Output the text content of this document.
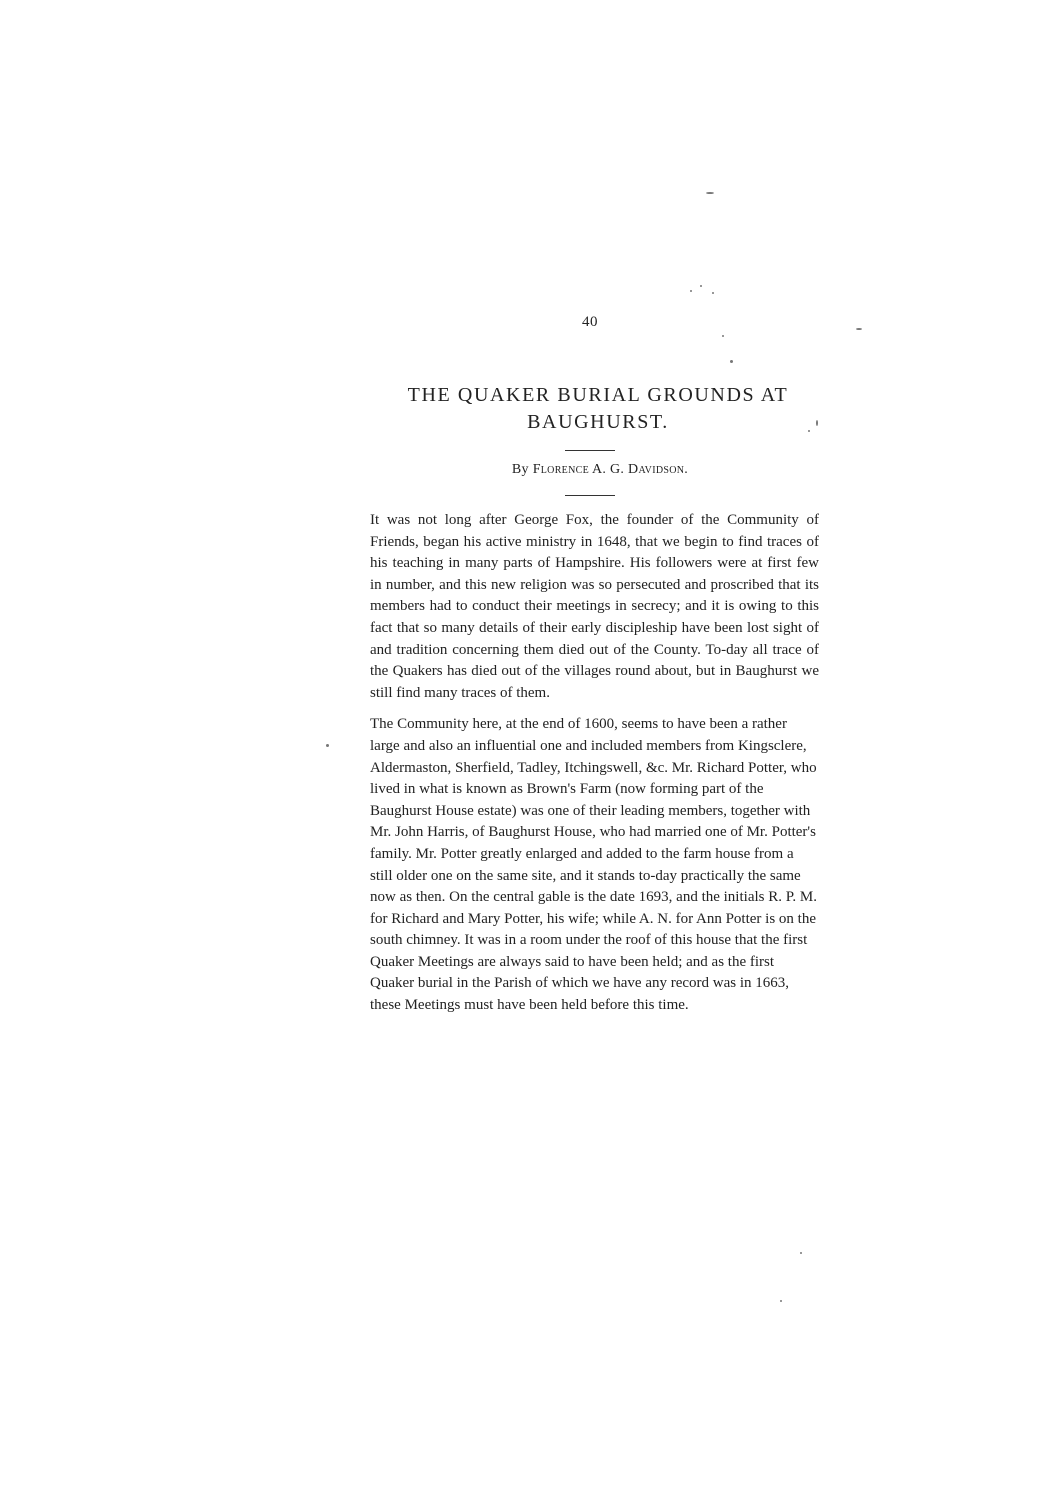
40
THE QUAKER BURIAL GROUNDS AT BAUGHURST.
By Florence A. G. Davidson.

It was not long after George Fox, the founder of the Community of Friends, began his active ministry in 1648, that we begin to find traces of his teaching in many parts of Hampshire. His followers were at first few in number, and this new religion was so persecuted and proscribed that its members had to conduct their meetings in secrecy; and it is owing to this fact that so many details of their early discipleship have been lost sight of and tradition concerning them died out of the County. To-day all trace of the Quakers has died out of the villages round about, but in Baughurst we still find many traces of them.

The Community here, at the end of 1600, seems to have been a rather large and also an influential one and included members from Kingsclere, Aldermaston, Sherfield, Tadley, Itchingswell, &c. Mr. Richard Potter, who lived in what is known as Brown's Farm (now forming part of the Baughurst House estate) was one of their leading members, together with Mr. John Harris, of Baughurst House, who had married one of Mr. Potter's family. Mr. Potter greatly enlarged and added to the farm house from a still older one on the same site, and it stands to-day practically the same now as then. On the central gable is the date 1693, and the initials R. P. M. for Richard and Mary Potter, his wife; while A. N. for Ann Potter is on the south chimney. It was in a room under the roof of this house that the first Quaker Meetings are always said to have been held; and as the first Quaker burial in the Parish of which we have any record was in 1663, these Meetings must have been held before this time.
